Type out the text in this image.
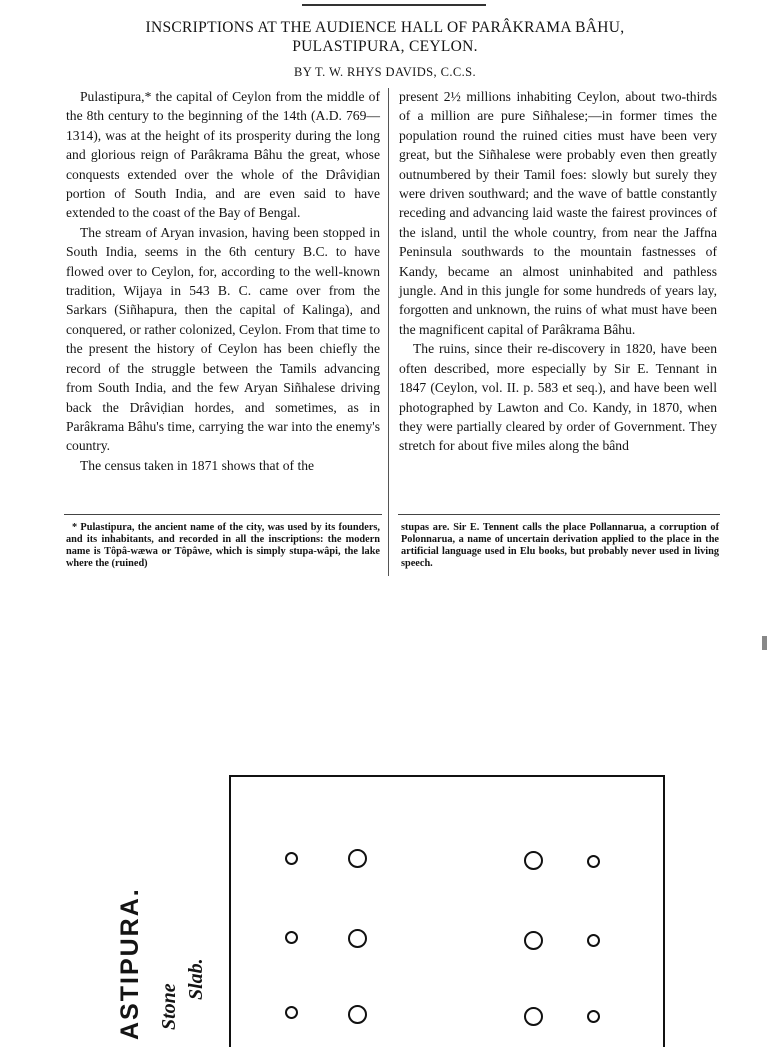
INSCRIPTIONS AT THE AUDIENCE HALL OF PARÂKRAMA BÂHU,
PULASTIPURA, CEYLON.
BY T. W. RHYS DAVIDS, C.C.S.

Pulastipura,* the capital of Ceylon from the middle of the 8th century to the beginning of the 14th (A.D. 769—1314), was at the height of its prosperity during the long and glorious reign of Parâkrama Bâhu the great, whose conquests extended over the whole of the Drâviḍian portion of South India, and are even said to have extended to the coast of the Bay of Bengal.

The stream of Aryan invasion, having been stopped in South India, seems in the 6th century B.C. to have flowed over to Ceylon, for, according to the well-known tradition, Wijaya in 543 B. C. came over from the Sarkars (Siñhapura, then the capital of Kalinga), and conquered, or rather colonized, Ceylon. From that time to the present the history of Ceylon has been chiefly the record of the struggle between the Tamils advancing from South India, and the few Aryan Siñhalese driving back the Drâviḍian hordes, and sometimes, as in Parâkrama Bâhu's time, carrying the war into the enemy's country.

The census taken in 1871 shows that of the

present 2½ millions inhabiting Ceylon, about two-thirds of a million are pure Siñhalese;—in former times the population round the ruined cities must have been very great, but the Siñhalese were probably even then greatly outnumbered by their Tamil foes: slowly but surely they were driven southward; and the wave of battle constantly receding and advancing laid waste the fairest provinces of the island, until the whole country, from near the Jaffna Peninsula southwards to the mountain fastnesses of Kandy, became an almost uninhabited and pathless jungle. And in this jungle for some hundreds of years lay, forgotten and unknown, the ruins of what must have been the magnificent capital of Parâkrama Bâhu.

The ruins, since their re-discovery in 1820, have been often described, more especially by Sir E. Tennant in 1847 (Ceylon, vol. II. p. 583 et seq.), and have been well photographed by Lawton and Co. Kandy, in 1870, when they were partially cleared by order of Government. They stretch for about five miles along the bând

* Pulastipura, the ancient name of the city, was used by its founders, and its inhabitants, and recorded in all the inscriptions: the modern name is Tôpâ-wæwa or Tôpâwe, which is simply stupa-wâpi, the lake where the (ruined)

stupas are. Sir E. Tennent calls the place Pollannarua, a corruption of Polonnarua, a name of uncertain derivation applied to the place in the artificial language used in Elu books, but probably never used in living speech.

ASTIPURA. Stone
Slab.
